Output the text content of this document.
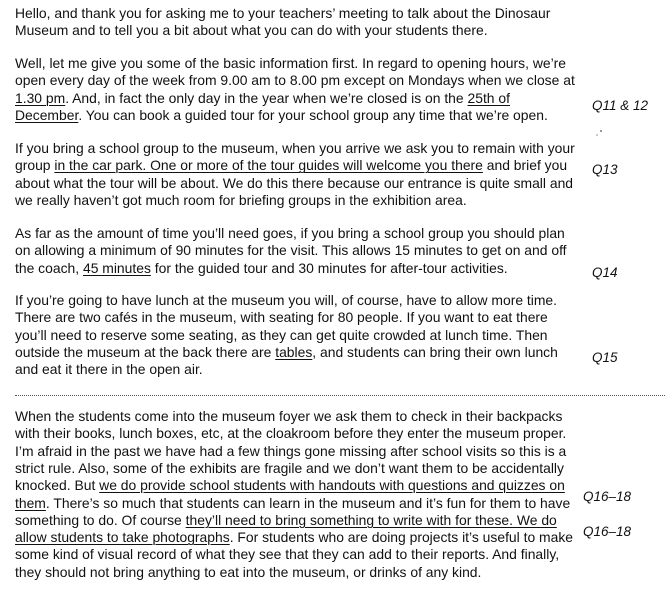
Hello, and thank you for asking me to your teachers’ meeting to talk about the Dinosaur
Museum and to tell you a bit about what you can do with your students there.
Well, let me give you some of the basic information first. In regard to opening hours, we’re
open every day of the week from 9.00 am to 8.00 pm except on Mondays when we close at
1.30 pm. And, in fact the only day in the year when we’re closed is on the 25th of
December. You can book a guided tour for your school group any time that we’re open.
If you bring a school group to the museum, when you arrive we ask you to remain with your
group in the car park. One or more of the tour guides will welcome you there and brief you
about what the tour will be about. We do this there because our entrance is quite small and
we really haven’t got much room for briefing groups in the exhibition area.
As far as the amount of time you’ll need goes, if you bring a school group you should plan
on allowing a minimum of 90 minutes for the visit. This allows 15 minutes to get on and off
the coach, 45 minutes for the guided tour and 30 minutes for after-tour activities.
If you’re going to have lunch at the museum you will, of course, have to allow more time.
There are two cafés in the museum, with seating for 80 people. If you want to eat there
you’ll need to reserve some seating, as they can get quite crowded at lunch time. Then
outside the museum at the back there are tables, and students can bring their own lunch
and eat it there in the open air.
When the students come into the museum foyer we ask them to check in their backpacks
with their books, lunch boxes, etc, at the cloakroom before they enter the museum proper.
I’m afraid in the past we have had a few things gone missing after school visits so this is a
strict rule. Also, some of the exhibits are fragile and we don’t want them to be accidentally
knocked. But we do provide school students with handouts with questions and quizzes on
them. There’s so much that students can learn in the museum and it’s fun for them to have
something to do. Of course they’ll need to bring something to write with for these. We do
allow students to take photographs. For students who are doing projects it’s useful to make
some kind of visual record of what they see that they can add to their reports. And finally,
they should not bring anything to eat into the museum, or drinks of any kind.
Q11 & 12
Q13
Q14
Q15
Q16–18
Q16–18
